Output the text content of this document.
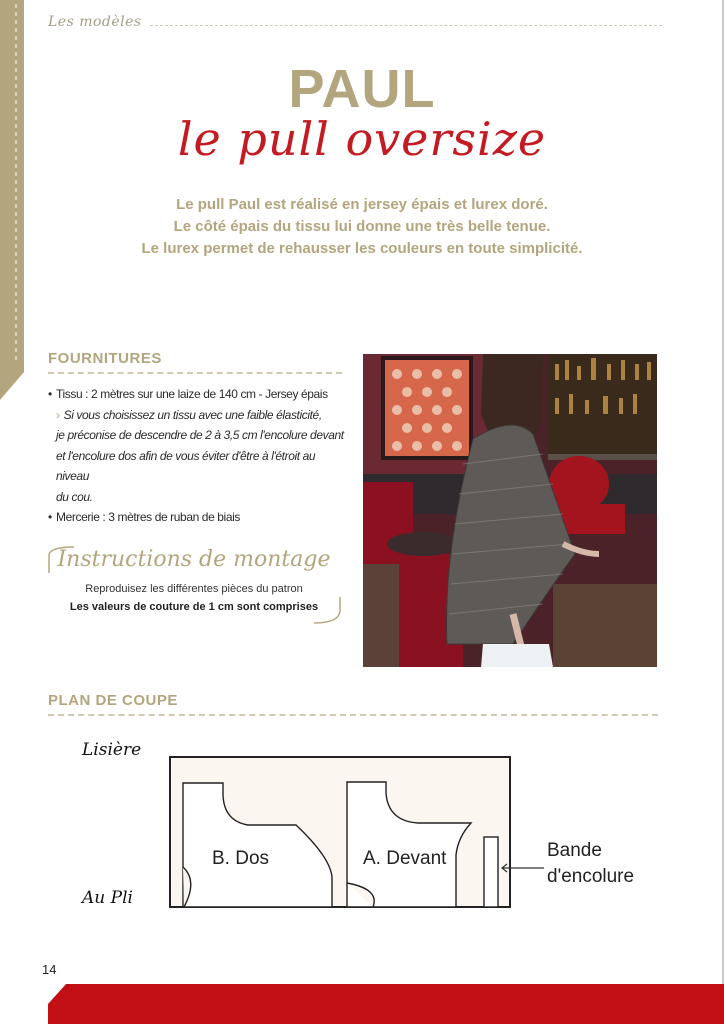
Les modèles
PAUL
le pull oversize
Le pull Paul est réalisé en jersey épais et lurex doré.
Le côté épais du tissu lui donne une très belle tenue.
Le lurex permet de rehausser les couleurs en toute simplicité.
FOURNITURES
• Tissu : 2 mètres sur une laize de 140 cm - Jersey épais
› Si vous choisissez un tissu avec une faible élasticité,
je préconise de descendre de 2 à 3,5 cm l'encolure devant
et l'encolure dos afin de vous éviter d'être à l'étroit au niveau
du cou.
• Mercerie : 3 mètres de ruban de biais
Instructions de montage
Reproduisez les différentes pièces du patron
Les valeurs de couture de 1 cm sont comprises
PLAN DE COUPE
Lisière
Au Pli
B. Dos	A. Devant	Bande
d'encolure
14
